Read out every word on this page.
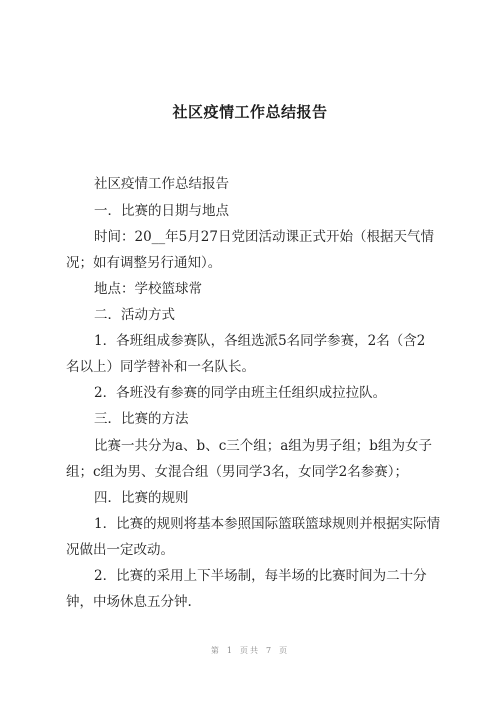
社区疫情工作总结报告
社区疫情工作总结报告
一．比赛的日期与地点
时间：20__年5月27日党团活动课正式开始（根据天气情
况；如有调整另行通知）。
地点：学校篮球常
二．活动方式
1．各班组成参赛队，各组选派5名同学参赛，2名（含2
名以上）同学替补和一名队长。
2．各班没有参赛的同学由班主任组织成拉拉队。
三．比赛的方法
比赛一共分为a、b、c三个组；a组为男子组；b组为女子
组；c组为男、女混合组（男同学3名，女同学2名参赛）；
四．比赛的规则
1．比赛的规则将基本参照国际篮联篮球规则并根据实际情
况做出一定改动。
2．比赛的采用上下半场制，每半场的比赛时间为二十分
钟，中场休息五分钟.
第 1 页共 7 页
